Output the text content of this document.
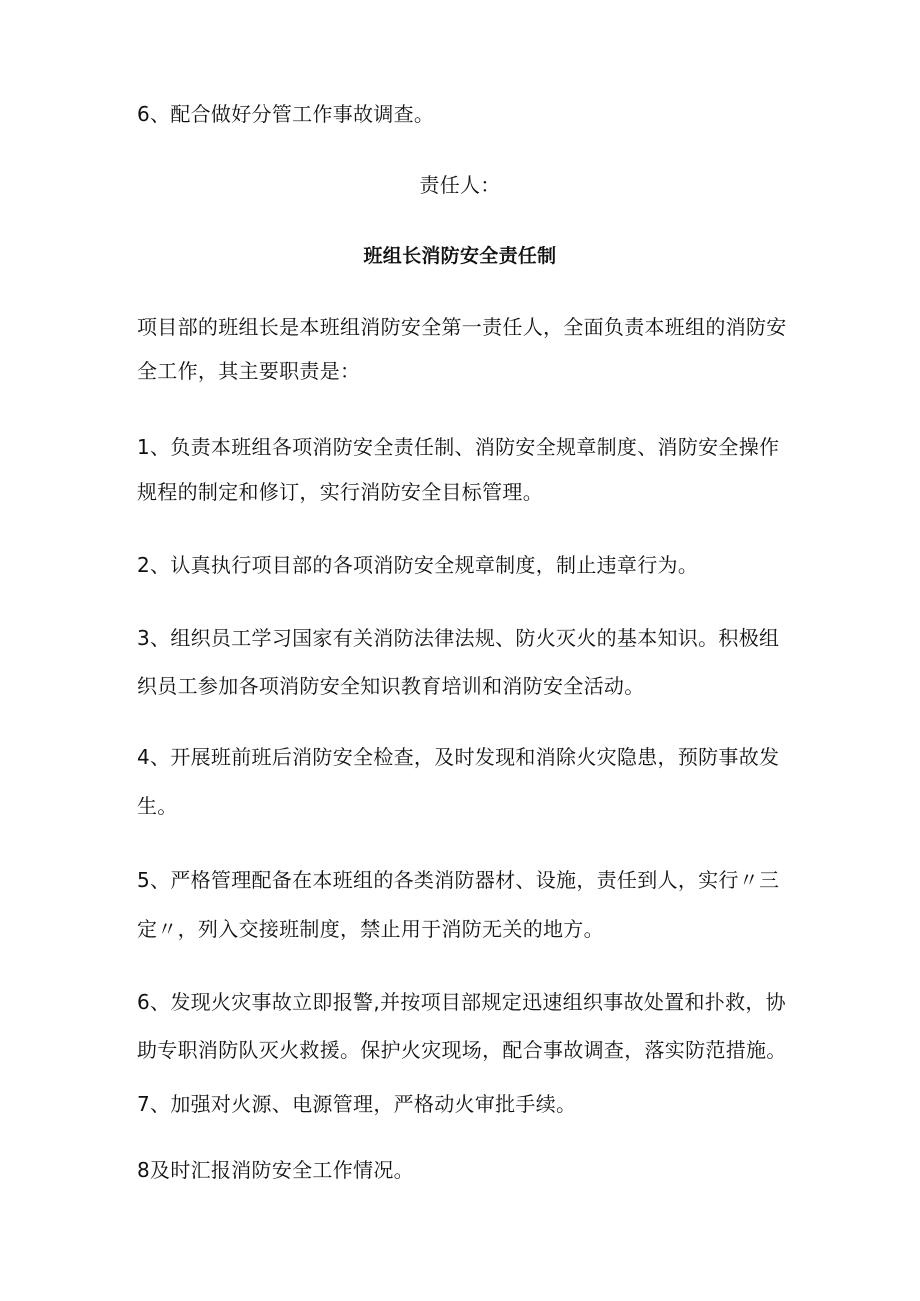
6、配合做好分管工作事故调查。
责任人：
班组长消防安全责任制
项目部的班组长是本班组消防安全第一责任人，全面负责本班组的消防安
全工作，其主要职责是：
1、负责本班组各项消防安全责任制、消防安全规章制度、消防安全操作
规程的制定和修订，实行消防安全目标管理。
2、认真执行项目部的各项消防安全规章制度，制止违章行为。
3、组织员工学习国家有关消防法律法规、防火灭火的基本知识。积极组
织员工参加各项消防安全知识教育培训和消防安全活动。
4、开展班前班后消防安全检查，及时发现和消除火灾隐患，预防事故发
生。
5、严格管理配备在本班组的各类消防器材、设施，责任到人，实行〃三
定〃，列入交接班制度，禁止用于消防无关的地方。
6、发现火灾事故立即报警,并按项目部规定迅速组织事故处置和扑救，协
助专职消防队灭火救援。保护火灾现场，配合事故调查，落实防范措施。
7、加强对火源、电源管理，严格动火审批手续。
8及时汇报消防安全工作情况。
